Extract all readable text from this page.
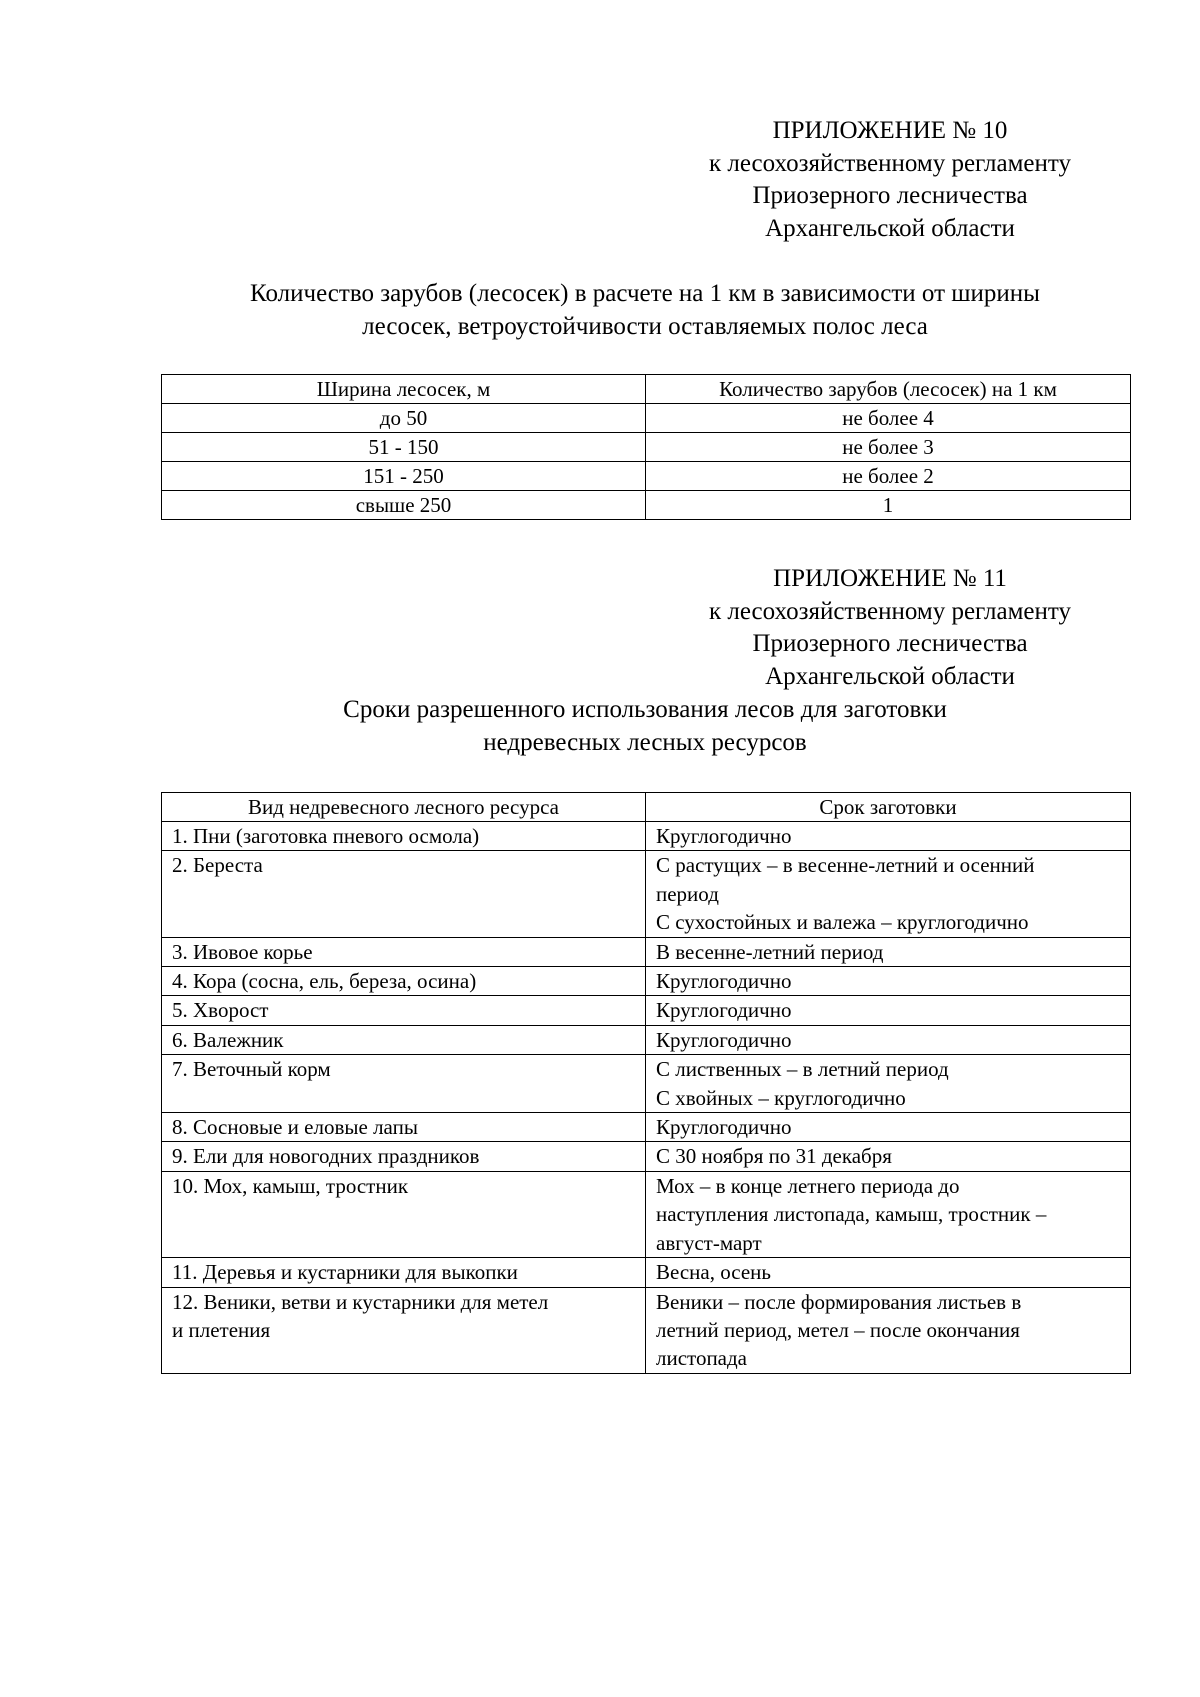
ПРИЛОЖЕНИЕ № 10
к лесохозяйственному регламенту
Приозерного лесничества
Архангельской области
Количество зарубов (лесосек) в расчете на 1 км в зависимости от ширины
лесосек, ветроустойчивости оставляемых полос леса
Ширина лесосек, м	Количество зарубов (лесосек) на 1 км
до 50	не более 4
51 - 150	не более 3
151 - 250	не более 2
свыше 250	1
ПРИЛОЖЕНИЕ № 11
к лесохозяйственному регламенту
Приозерного лесничества
Архангельской области
Сроки разрешенного использования лесов для заготовки
недревесных лесных ресурсов
Вид недревесного лесного ресурса	Срок заготовки

1. Пни (заготовка пневого осмола)	Круглогодично

2. Береста	С растущих – в весенне-летний и осенний
период
С сухостойных и валежа – круглогодично

3. Ивовое корье	В весенне-летний период

4. Кора (сосна, ель, береза, осина)	Круглогодично

5. Хворост	Круглогодично

6. Валежник	Круглогодично

7. Веточный корм	С лиственных – в летний период
С хвойных – круглогодично

8. Сосновые и еловые лапы	Круглогодично

9. Ели для новогодних праздников	С 30 ноября по 31 декабря

10. Мох, камыш, тростник	Мох – в конце летнего периода до
наступления листопада, камыш, тростник –
август-март

11. Деревья и кустарники для выкопки	Весна, осень

12. Веники, ветви и кустарники для метел
и плетения	Веники – после формирования листьев в
летний период, метел – после окончания
листопада
